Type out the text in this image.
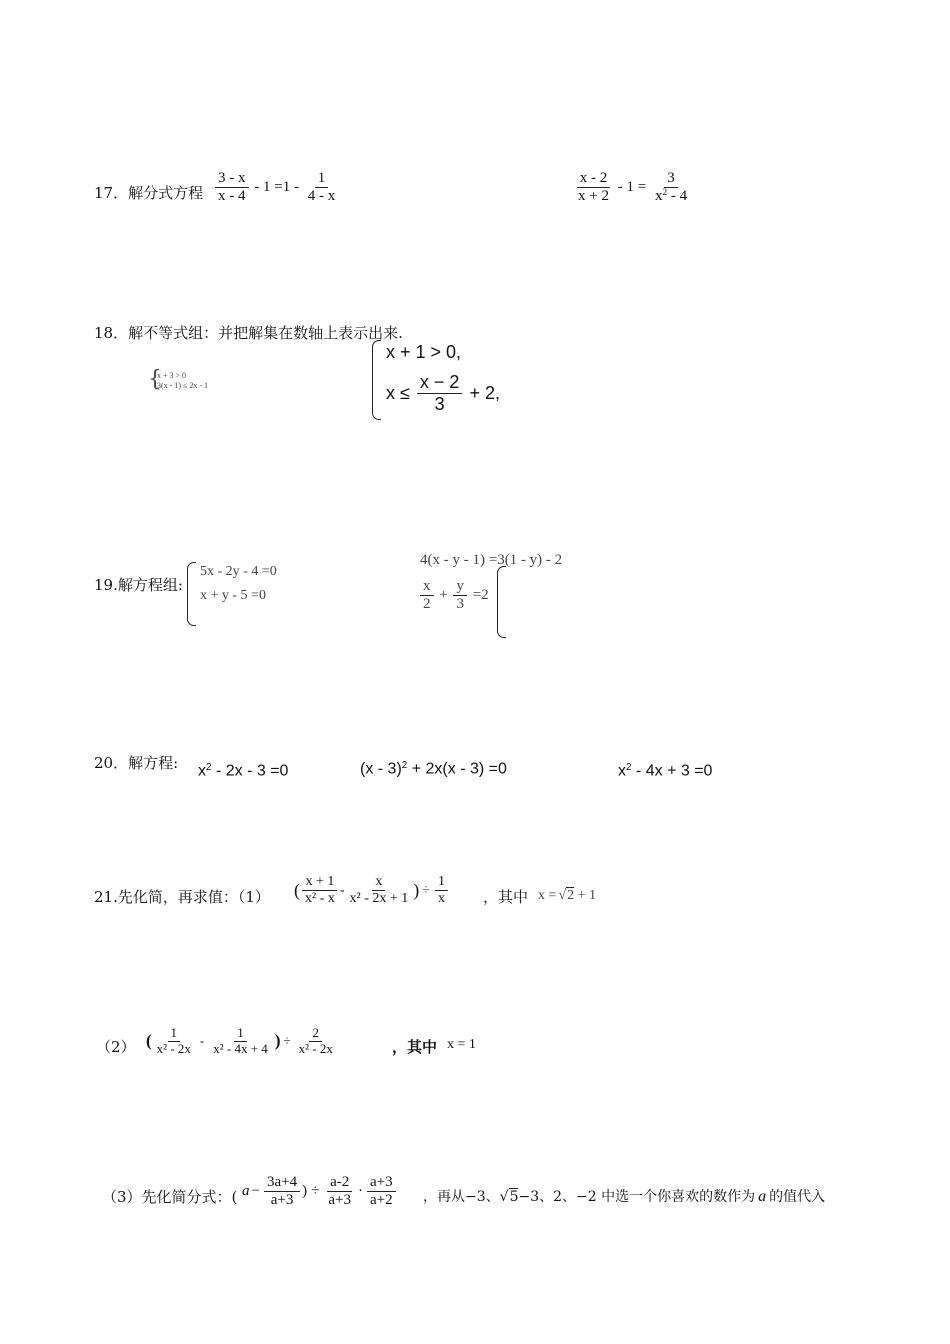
17．解分式方程 $\frac{3 - x}{x - 4} - 1 =1 - \frac{1}{4 - x}$	$\frac{x - 2}{x + 2} - 1 = \frac{3}{x^2 - 4}$
18．解不等式组：并把解集在数轴上表示出来.
{
x + 3 > 0
3(x - 1) ≤ 2x - 1
x + 1 > 0,
$x \le \frac{x - 2}{3} + 2$,
19.解方程组:
5x - 2y - 4 =0
x + y - 5 =0
4(x - y - 1) =3(1 - y) - 2
$\frac{x}{2} + \frac{y}{3} =2$
20．解方程: $x^2 - 2x - 3 =0$	(x - 3)$^2$ + 2x(x - 3) =0	$x^2 - 4x + 3 =0$
21.先化简，再求值：（1） ( $\frac{x + 1}{\text{x² - x}} - \frac{x}{\text{x² - 2x + 1}}$ ) ÷ $\frac{1}{x}$ ，其中 x = √2 + 1
（2） ( $\frac{1}{\text{x² - 2x}} - \frac{1}{\text{x² - 4x + 4}}$ ) ÷ $\frac{2}{\text{x² - 2x}}$	，其中 x = 1
（3）先化简分式：( $a - \frac{3a+4}{a+3}$ ) ÷ $\frac{a-2}{a+3} \cdot \frac{a+3}{a+2}$ ，再从−3、√5−3、2、−2 中选一个你喜欢的数作为 a 的值代入
